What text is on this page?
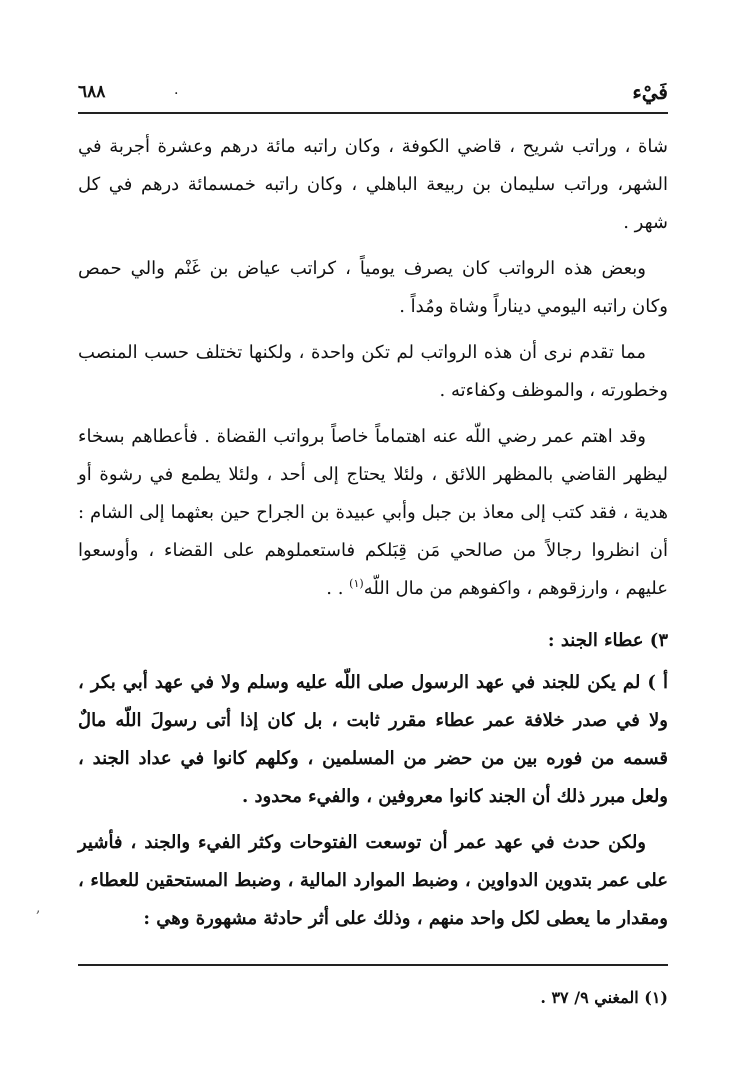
٦٨٨	.	فَيْء

شاة ، وراتب شريح ، قاضي الكوفة ، وكان راتبه مائة درهم وعشرة أجربة في الشهر، وراتب سليمان بن ربيعة الباهلي ، وكان راتبه خمسمائة درهم في كل شهر .

وبعض هذه الرواتب كان يصرف يومياً ، كراتب عياض بن غَنْم والي حمص وكان راتبه اليومي ديناراً وشاة ومُداً .

مما تقدم نرى أن هذه الرواتب لم تكن واحدة ، ولكنها تختلف حسب المنصب وخطورته ، والموظف وكفاءته .

وقد اهتم عمر رضي اللّه عنه اهتماماً خاصاً برواتب القضاة . فأعطاهم بسخاء ليظهر القاضي بالمظهر اللائق ، ولئلا يحتاج إلى أحد ، ولئلا يطمع في رشوة أو هدية ، فقد كتب إلى معاذ بن جبل وأبي عبيدة بن الجراح حين بعثهما إلى الشام : أن انظروا رجالاً من صالحي مَن قِبَلكم فاستعملوهم على القضاء ، وأوسعوا عليهم ، وارزقوهم ، واكفوهم من مال اللّه$^{(١)}$ . .

٣) عطاء الجند :

أ ) لم يكن للجند في عهد الرسول صلى اللّه عليه وسلم ولا في عهد أبي بكر ، ولا في صدر خلافة عمر عطاء مقرر ثابت ، بل كان إذا أتى رسولَ اللّه مالٌ قسمه من فوره بين من حضر من المسلمين ، وكلهم كانوا في عداد الجند ، ولعل مبرر ذلك أن الجند كانوا معروفين ، والفيء محدود .

ولكن حدث في عهد عمر أن توسعت الفتوحات وكثر الفيء والجند ، فأشير على عمر بتدوين الدواوين ، وضبط الموارد المالية ، وضبط المستحقين للعطاء ، ومقدار ما يعطى لكل واحد منهم ، وذلك على أثر حادثة مشهورة وهي :

,
(١) المغني ٩/ ٣٧ .
